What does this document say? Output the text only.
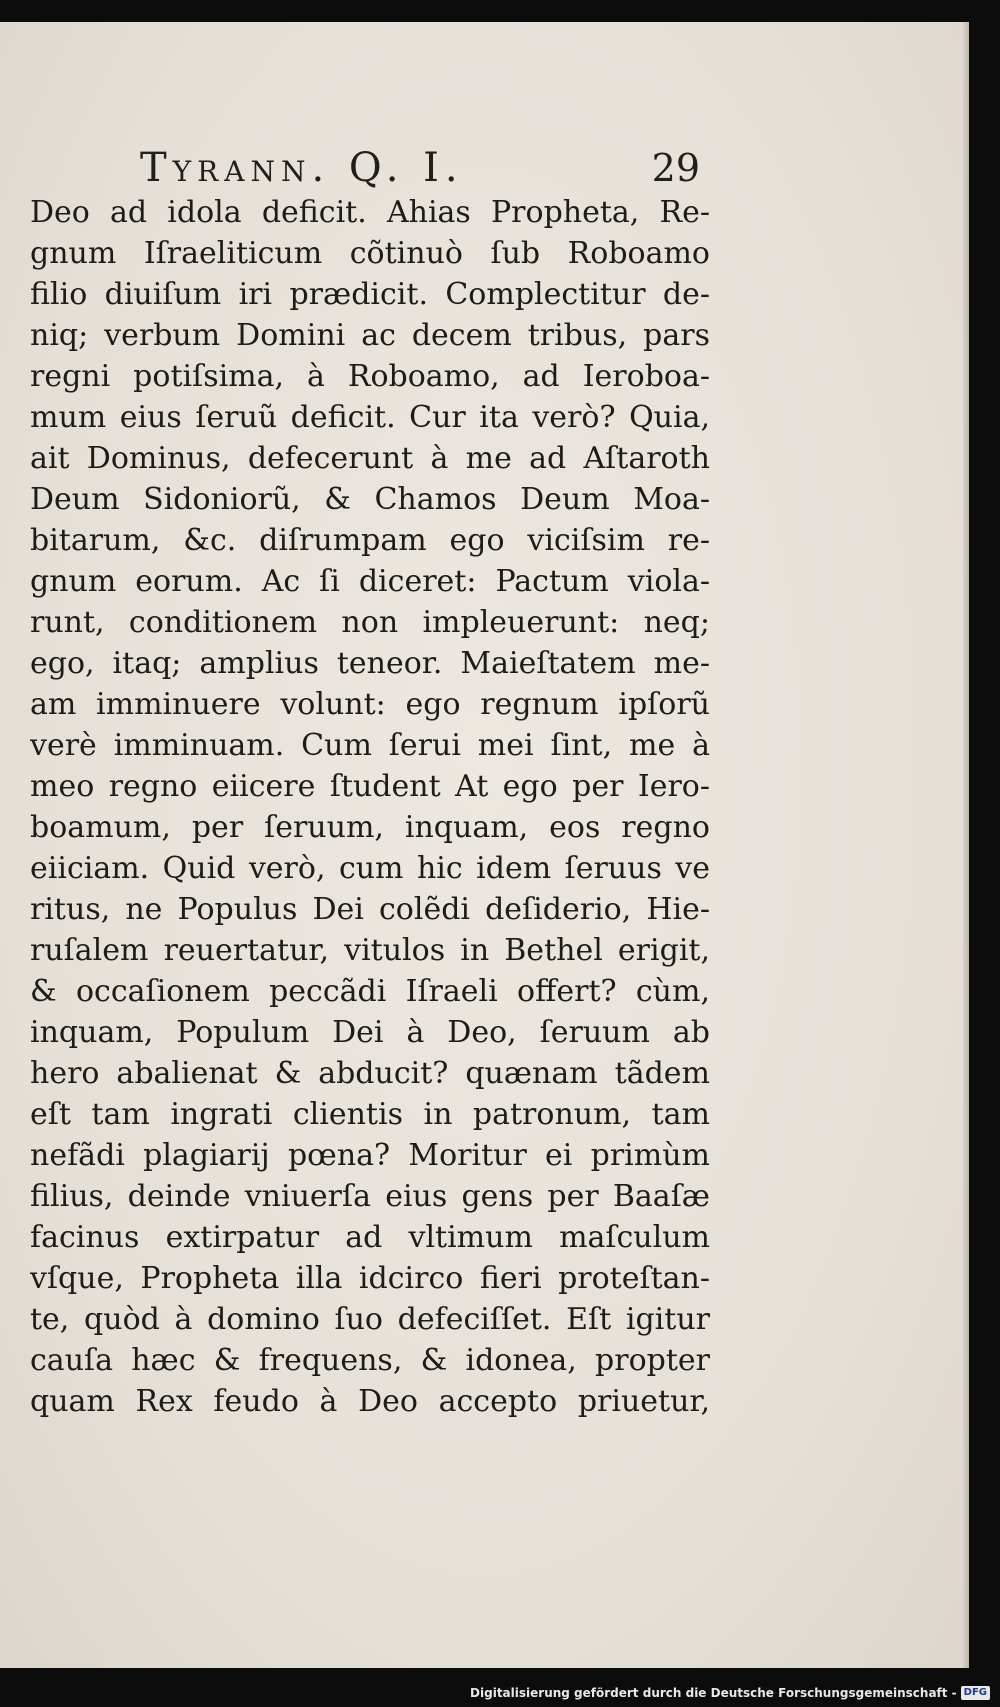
Tyrann. Q. I.	29
Deo ad idola deficit. Ahias Propheta, Re-
gnum Iſraeliticum cõtinuò ſub Roboamo
filio diuiſum iri prædicit. Complectitur de-
niq; verbum Domini ac decem tribus, pars
regni potiſsima, à Roboamo, ad Ieroboa-
mum eius ſeruũ deficit. Cur ita verò? Quia,
ait Dominus, defecerunt à me ad Aſtaroth
Deum Sidoniorũ, & Chamos Deum Moa-
bitarum, &c. diſrumpam ego viciſsim re-
gnum eorum. Ac ſi diceret: Pactum viola-
runt, conditionem non impleuerunt: neq;
ego, itaq; amplius teneor. Maieſtatem me-
am imminuere volunt: ego regnum ipſorũ
verè imminuam. Cum ſerui mei ſint, me à
meo regno eiicere ſtudent At ego per Iero-
boamum, per ſeruum, inquam, eos regno
eiiciam. Quid verò, cum hic idem ſeruus ve
ritus, ne Populus Dei colẽdi deſiderio, Hie-
ruſalem reuertatur, vitulos in Bethel erigit,
& occaſionem peccãdi Iſraeli offert? cùm,
inquam, Populum Dei à Deo, ſeruum ab
hero abalienat & abducit? quænam tãdem
eſt tam ingrati clientis in patronum, tam
nefãdi plagiarij pœna? Moritur ei primùm
filius, deinde vniuerſa eius gens per Baaſæ
facinus extirpatur ad vltimum maſculum
vſque, Propheta illa idcirco fieri proteſtan-
te, quòd à domino ſuo defeciſſet. Eſt igitur
cauſa hæc & frequens, & idonea, propter
quam Rex feudo à Deo accepto priuetur,
Digitalisierung gefördert durch die Deutsche Forschungsgemeinschaft - DFG
